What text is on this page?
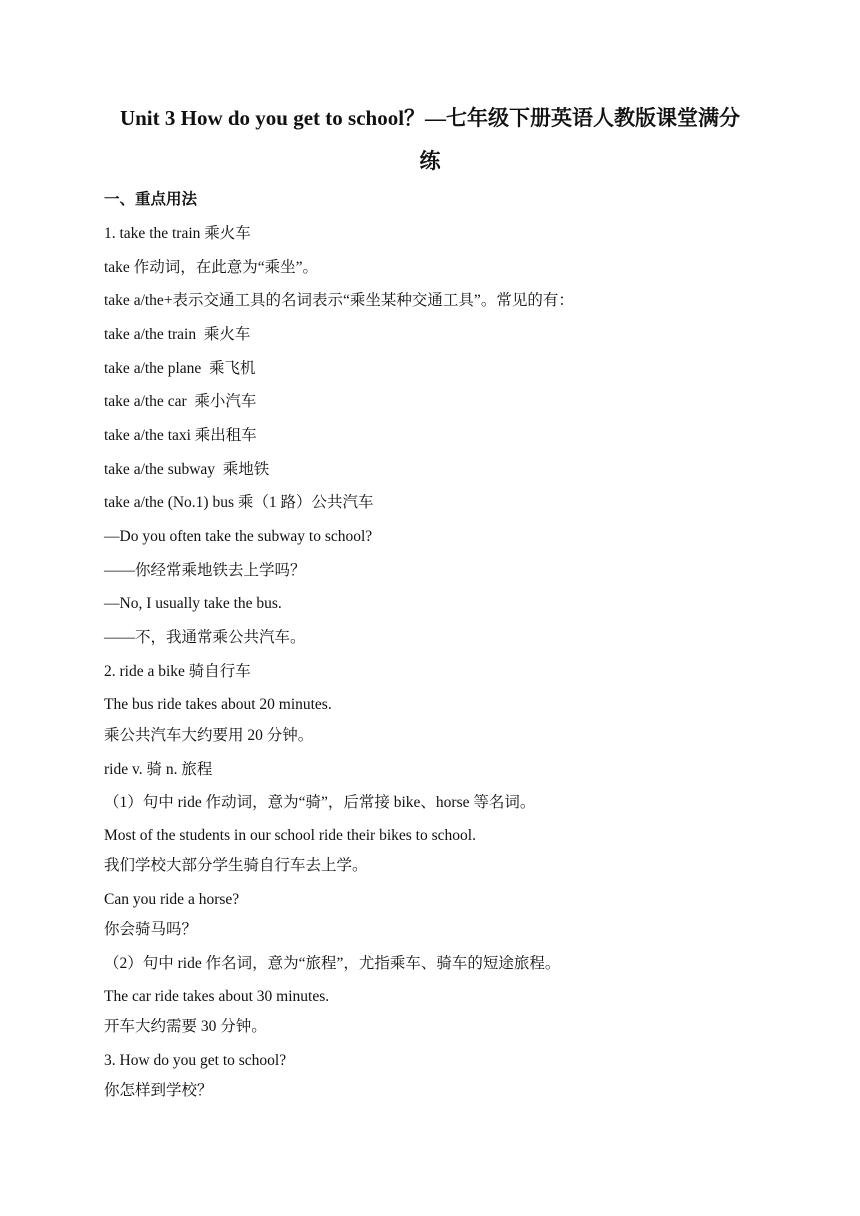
Unit 3 How do you get to school？—七年级下册英语人教版课堂满分
练
一、重点用法
1. take the train 乘火车
take 作动词，在此意为“乘坐”。
take a/the+表示交通工具的名词表示“乘坐某种交通工具”。常见的有：
take a/the train  乘火车
take a/the plane  乘飞机
take a/the car  乘小汽车
take a/the taxi 乘出租车
take a/the subway  乘地铁
take a/the (No.1) bus 乘（1 路）公共汽车
—Do you often take the subway to school?
——你经常乘地铁去上学吗？
—No, I usually take the bus.
——不，我通常乘公共汽车。
2. ride a bike 骑自行车
The bus ride takes about 20 minutes.
乘公共汽车大约要用 20 分钟。
ride v. 骑 n. 旅程
（1）句中 ride 作动词，意为“骑”，后常接 bike、horse 等名词。
Most of the students in our school ride their bikes to school.
我们学校大部分学生骑自行车去上学。
Can you ride a horse?
你会骑马吗？
（2）句中 ride 作名词，意为“旅程”，尤指乘车、骑车的短途旅程。
The car ride takes about 30 minutes.
开车大约需要 30 分钟。
3. How do you get to school?
你怎样到学校？
